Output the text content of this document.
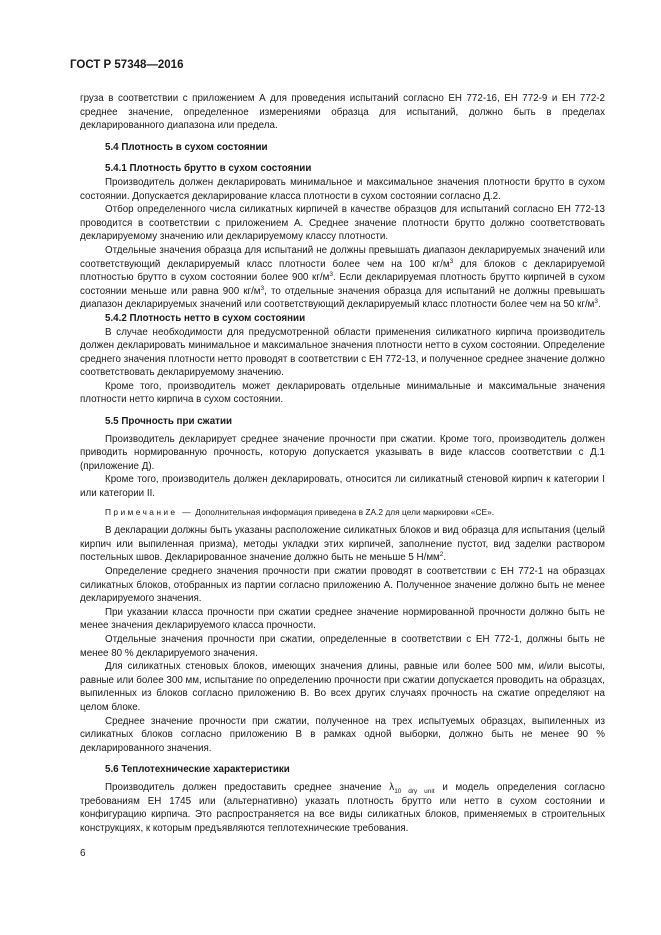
ГОСТ Р 57348—2016

груза в соответствии с приложением А для проведения испытаний согласно ЕН 772-16, ЕН 772-9 и ЕН 772-2 среднее значение, определенное измерениями образца для испытаний, должно быть в пределах декларированного диапазона или предела.

5.4 Плотность в сухом состоянии

5.4.1 Плотность брутто в сухом состоянии

Производитель должен декларировать минимальное и максимальное значения плотности брутто в сухом состоянии. Допускается декларирование класса плотности в сухом состоянии согласно Д.2.

Отбор определенного числа силикатных кирпичей в качестве образцов для испытаний согласно ЕН 772-13 проводится в соответствии с приложением А. Среднее значение плотности брутто должно соответствовать декларируемому значению или декларируемому классу плотности.

Отдельные значения образца для испытаний не должны превышать диапазон декларируемых значений или соответствующий декларируемый класс плотности более чем на 100 $кг/м^3$ для блоков с декларируемой плотностью брутто в сухом состоянии более 900 $кг/м^3$. Если декларируемая плотность брутто кирпичей в сухом состоянии меньше или равна 900 $кг/м^3$, то отдельные значения образца для испытаний не должны превышать диапазон декларируемых значений или соответствующий декларируемый класс плотности более чем на 50 $кг/м^3$.

5.4.2 Плотность нетто в сухом состоянии

В случае необходимости для предусмотренной области применения силикатного кирпича производитель должен декларировать минимальное и максимальное значения плотности нетто в сухом состоянии. Определение среднего значения плотности нетто проводят в соответствии с ЕН 772-13, и полученное среднее значение должно соответствовать декларируемому значению.

Кроме того, производитель может декларировать отдельные минимальные и максимальные значения плотности нетто кирпича в сухом состоянии.

5.5 Прочность при сжатии

Производитель декларирует среднее значение прочности при сжатии. Кроме того, производитель должен приводить нормированную прочность, которую допускается указывать в виде классов соответствии с Д.1 (приложение Д).

Кроме того, производитель должен декларировать, относится ли силикатный стеновой кирпич к категории I или категории II.

Примечание — Дополнительная информация приведена в ZA.2 для цели маркировки «СЕ».

В декларации должны быть указаны расположение силикатных блоков и вид образца для испытания (целый кирпич или выпиленная призма), методы укладки этих кирпичей, заполнение пустот, вид заделки раствором постельных швов. Декларированное значение должно быть не меньше 5 $Н/мм^2$.

Определение среднего значения прочности при сжатии проводят в соответствии с ЕН 772-1 на образцах силикатных блоков, отобранных из партии согласно приложению А. Полученное значение должно быть не менее декларируемого значения.

При указании класса прочности при сжатии среднее значение нормированной прочности должно быть не менее значения декларируемого класса прочности.

Отдельные значения прочности при сжатии, определенные в соответствии с ЕН 772-1, должны быть не менее 80 % декларируемого значения.

Для силикатных стеновых блоков, имеющих значения длины, равные или более 500 мм, и/или высоты, равные или более 300 мм, испытание по определению прочности при сжатии допускается проводить на образцах, выпиленных из блоков согласно приложению В. Во всех других случаях прочность на сжатие определяют на целом блоке.

Среднее значение прочности при сжатии, полученное на трех испытуемых образцах, выпиленных из силикатных блоков согласно приложению В в рамках одной выборки, должно быть не менее 90 % декларированного значения.

5.6 Теплотехнические характеристики

Производитель должен предоставить среднее значение $\lambda_{10 dry unit}$ и модель определения согласно требованиям ЕН 1745 или (альтернативно) указать плотность брутто или нетто в сухом состоянии и конфигурацию кирпича. Это распространяется на все виды силикатных блоков, применяемых в строительных конструкциях, к которым предъявляются теплотехнические требования.

6
